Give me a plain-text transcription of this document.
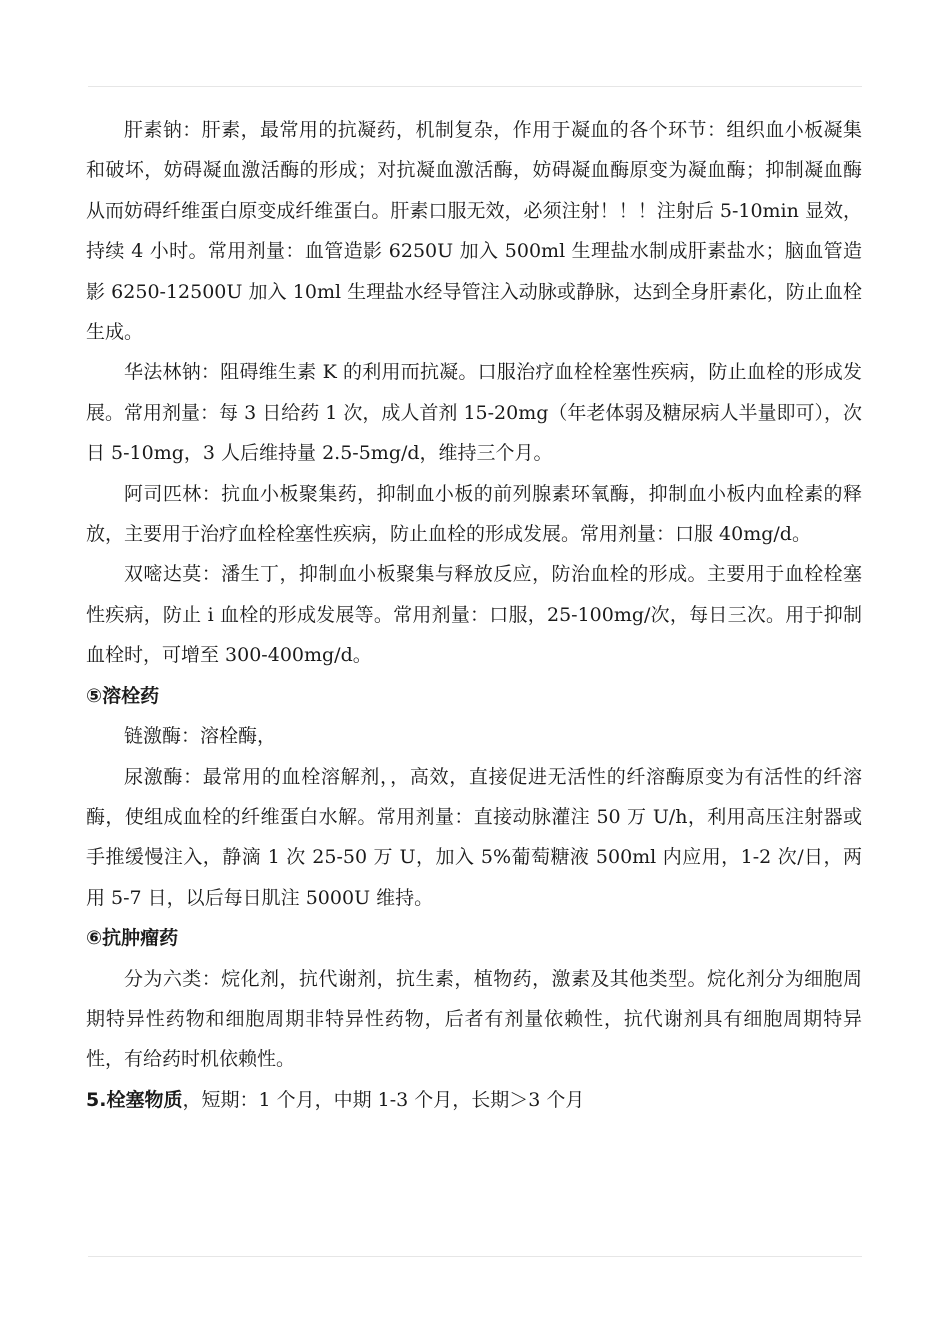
肝素钠：肝素，最常用的抗凝药，机制复杂，作用于凝血的各个环节：组织血小板凝集和破坏，妨碍凝血激活酶的形成；对抗凝血激活酶，妨碍凝血酶原变为凝血酶；抑制凝血酶从而妨碍纤维蛋白原变成纤维蛋白。肝素口服无效，必须注射！！！注射后 5-10min 显效，持续 4 小时。常用剂量：血管造影 6250U 加入 500ml 生理盐水制成肝素盐水；脑血管造影 6250-12500U 加入 10ml 生理盐水经导管注入动脉或静脉，达到全身肝素化，防止血栓生成。

华法林钠：阻碍维生素 K 的利用而抗凝。口服治疗血栓栓塞性疾病，防止血栓的形成发展。常用剂量：每 3 日给药 1 次，成人首剂 15-20mg（年老体弱及糖尿病人半量即可），次日 5-10mg，3 人后维持量 2.5-5mg/d，维持三个月。

阿司匹林：抗血小板聚集药，抑制血小板的前列腺素环氧酶，抑制血小板内血栓素的释放，主要用于治疗血栓栓塞性疾病，防止血栓的形成发展。常用剂量：口服 40mg/d。

双嘧达莫：潘生丁，抑制血小板聚集与释放反应，防治血栓的形成。主要用于血栓栓塞性疾病，防止 i 血栓的形成发展等。常用剂量：口服，25-100mg/次，每日三次。用于抑制血栓时，可增至 300-400mg/d。

⑤溶栓药

链激酶：溶栓酶，

尿激酶：最常用的血栓溶解剂，，高效，直接促进无活性的纤溶酶原变为有活性的纤溶酶，使组成血栓的纤维蛋白水解。常用剂量：直接动脉灌注 50 万 U/h，利用高压注射器或手推缓慢注入，静滴 1 次 25-50 万 U，加入 5%葡萄糖液 500ml 内应用，1-2 次/日，两用 5-7 日，以后每日肌注 5000U 维持。

⑥抗肿瘤药

分为六类：烷化剂，抗代谢剂，抗生素，植物药，激素及其他类型。烷化剂分为细胞周期特异性药物和细胞周期非特异性药物，后者有剂量依赖性，抗代谢剂具有细胞周期特异性，有给药时机依赖性。

5.栓塞物质，短期：1 个月，中期 1-3 个月，长期＞3 个月
